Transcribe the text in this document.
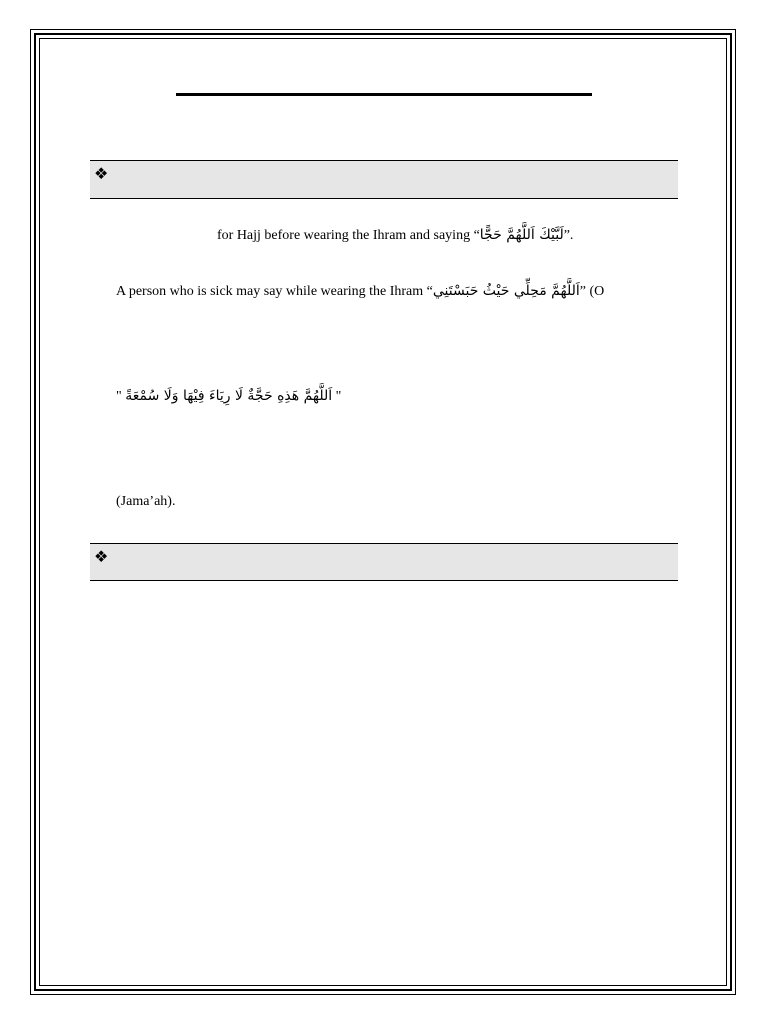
❖
for Hajj before wearing the Ihram and saying “لَبَّيْكَ اَللَّهُمَّ حَجًّا”.
A person who is sick may say while wearing the Ihram “اَللَّهُمَّ مَحِلِّي حَيْثُ حَبَسْتَنِي” (O
" اَللَّهُمَّ هَذِهِ حَجَّةٌ لَا رِيَاءَ فِيْهَا وَلَا سُمْعَةً "
(Jama’ah).
❖
